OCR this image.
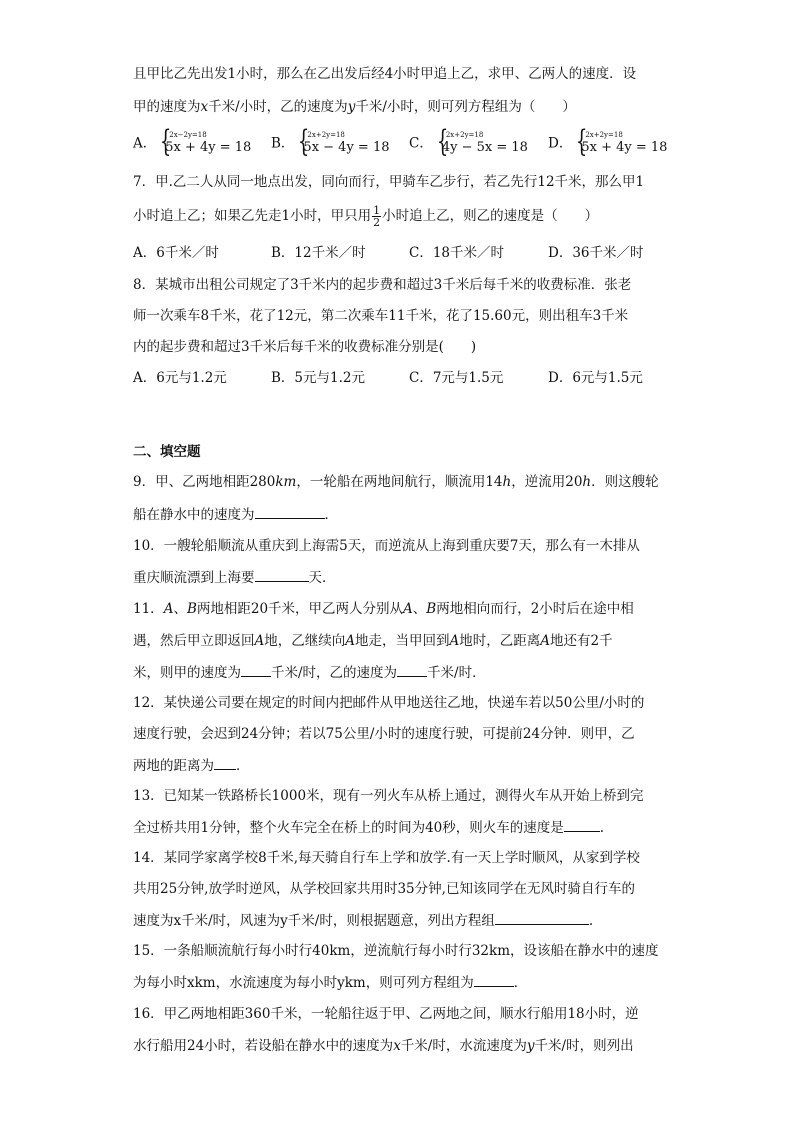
且甲比乙先出发1小时，那么在乙出发后经4小时甲追上乙，求甲、乙两人的速度．设
甲的速度为x千米/小时，乙的速度为y千米/小时，则可列方程组为（　　）
A． {
2x−2y=18
5x + 4y = 18 B． {
2x+2y=18
5x − 4y = 18 C． {
2x+2y=18
4y − 5x = 18 D． {
2x+2y=18
5x + 4y = 18
7．甲.乙二人从同一地点出发，同向而行，甲骑车乙步行，若乙先行12千米，那么甲1
小时追上乙；如果乙先走1小时，甲只用 $\frac{1}{2}$ 小时追上乙，则乙的速度是（　　）
A．6千米／时	B．12千米／时	C．18千米／时	D．36千米／时
8．某城市出租公司规定了3千米内的起步费和超过3千米后每千米的收费标准．张老
师一次乘车8千米，花了12元，第二次乘车11千米，花了15.60元，则出租车3千米
内的起步费和超过3千米后每千米的收费标准分别是(　　)
A．6元与1.2元	B．5元与1.2元	C．7元与1.5元	D．6元与1.5元
二、填空题
9．甲、乙两地相距280km，一轮船在两地间航行，顺流用14h，逆流用20h．则这艘轮
船在静水中的速度为	．
10．一艘轮船顺流从重庆到上海需5天，而逆流从上海到重庆要7天，那么有一木排从
重庆顺流漂到上海要	天．
11．A、B两地相距20千米，甲乙两人分别从A、B两地相向而行，2小时后在途中相
遇，然后甲立即返回A地，乙继续向A地走，当甲回到A地时，乙距离A地还有2千
米，则甲的速度为 千米/时，乙的速度为 千米/时．
12．某快递公司要在规定的时间内把邮件从甲地送往乙地，快递车若以50公里/小时的
速度行驶，会迟到24分钟；若以75公里/小时的速度行驶，可提前24分钟．则甲，乙
两地的距离为 ．
13．已知某一铁路桥长1000米，现有一列火车从桥上通过，测得火车从开始上桥到完
全过桥共用1分钟，整个火车完全在桥上的时间为40秒，则火车的速度是	.
14．某同学家离学校8千米,每天骑自行车上学和放学.有一天上学时顺风，从家到学校
共用25分钟,放学时逆风，从学校回家共用时35分钟,已知该同学在无风时骑自行车的
速度为x千米/时，风速为y千米/时，则根据题意，列出方程组	.
15．一条船顺流航行每小时行40km，逆流航行每小时行32km，设该船在静水中的速度
为每小时xkm，水流速度为每小时ykm，则可列方程组为	．
16．甲乙两地相距360千米，一轮船往返于甲、乙两地之间，顺水行船用18小时，逆
水行船用24小时，若设船在静水中的速度为x千米/时，水流速度为y千米/时，则列出
